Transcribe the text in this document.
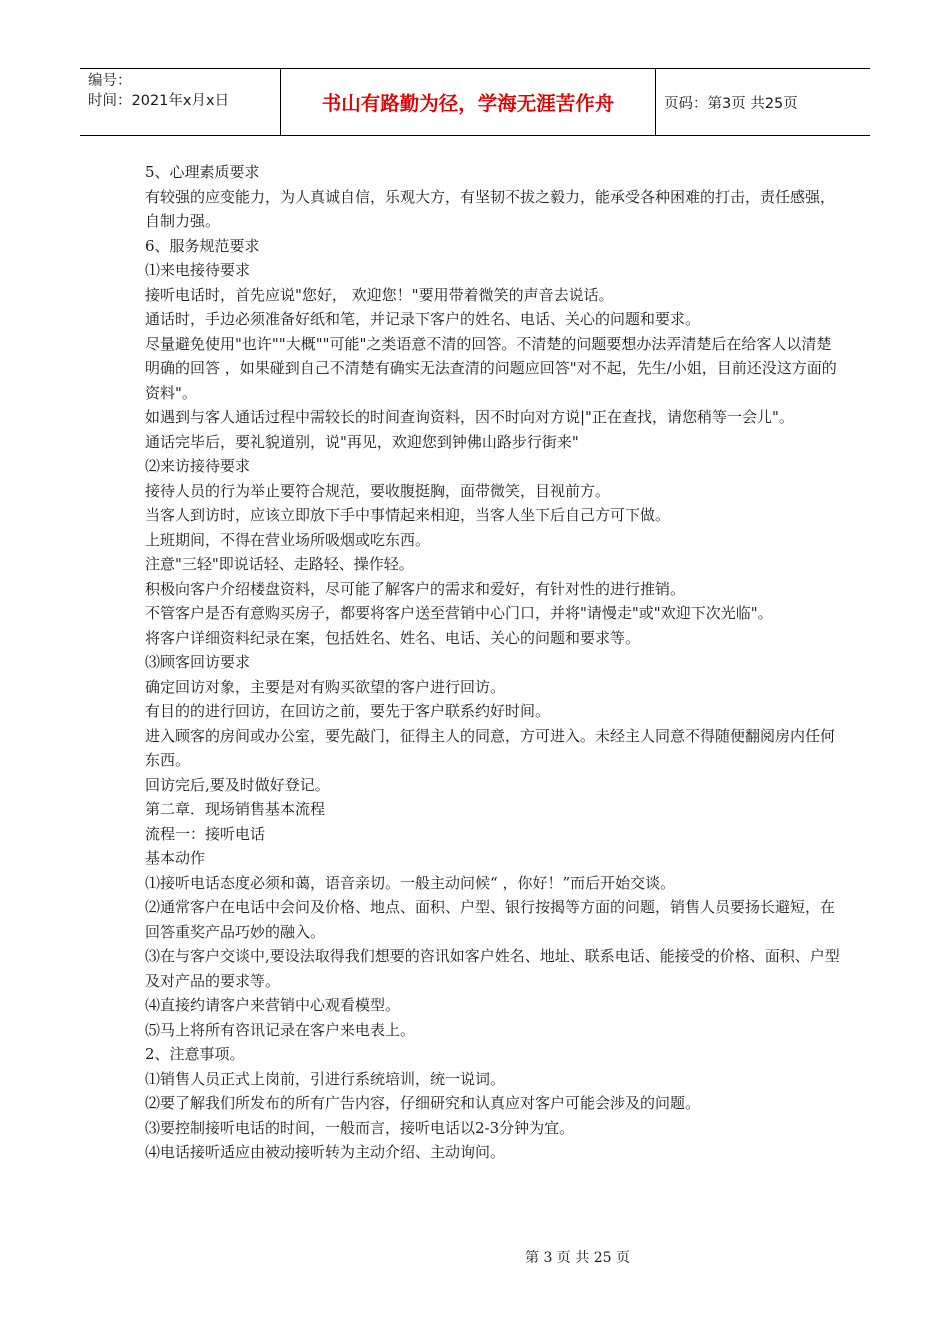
编号：
时间：2021年x月x日	书山有路勤为径，学海无涯苦作舟	页码：第3页 共25页

5、心理素质要求

有较强的应变能力，为人真诚自信，乐观大方，有坚韧不拔之毅力，能承受各种困难的打击，责任感强，自制力强。

6、服务规范要求

⑴来电接待要求

接听电话时，首先应说"您好， 欢迎您！"要用带着微笑的声音去说话。

通话时，手边必须准备好纸和笔，并记录下客户的姓名、电话、关心的问题和要求。

尽量避免使用"也许""大概""可能"之类语意不清的回答。不清楚的问题要想办法弄清楚后在给客人以清楚明确的回答 ，如果碰到自己不清楚有确实无法查清的问题应回答"对不起，先生/小姐，目前还没这方面的资料"。

如遇到与客人通话过程中需较长的时间查询资料，因不时向对方说|"正在查找，请您稍等一会儿"。

通话完毕后，要礼貌道别，说"再见，欢迎您到钟佛山路步行街来"

⑵来访接待要求

接待人员的行为举止要符合规范，要收腹挺胸，面带微笑，目视前方。

当客人到访时，应该立即放下手中事情起来相迎，当客人坐下后自己方可下做。

上班期间，不得在营业场所吸烟或吃东西。

注意"三轻"即说话轻、走路轻、操作轻。

积极向客户介绍楼盘资料，尽可能了解客户的需求和爱好，有针对性的进行推销。

不管客户是否有意购买房子，都要将客户送至营销中心门口，并将"请慢走"或"欢迎下次光临"。

将客户详细资料纪录在案，包括姓名、姓名、电话、关心的问题和要求等。

⑶顾客回访要求

确定回访对象，主要是对有购买欲望的客户进行回访。

有目的的进行回访，在回访之前，要先于客户联系约好时间。

进入顾客的房间或办公室，要先敲门，征得主人的同意，方可进入。未经主人同意不得随便翻阅房内任何东西。

回访完后,要及时做好登记。

第二章．现场销售基本流程

流程一：接听电话

基本动作

⑴接听电话态度必须和蔼，语音亲切。一般主动问候“ ，你好！”而后开始交谈。

⑵通常客户在电话中会问及价格、地点、面积、户型、银行按揭等方面的问题，销售人员要扬长避短，在回答重奖产品巧妙的融入。

⑶在与客户交谈中,要设法取得我们想要的咨讯如客户姓名、地址、联系电话、能接受的价格、面积、户型及对产品的要求等。

⑷直接约请客户来营销中心观看模型。

⑸马上将所有咨讯记录在客户来电表上。

2、注意事项。

⑴销售人员正式上岗前，引进行系统培训，统一说词。

⑵要了解我们所发布的所有广告内容，仔细研究和认真应对客户可能会涉及的问题。

⑶要控制接听电话的时间，一般而言，接听电话以2-3分钟为宜。

⑷电话接听适应由被动接听转为主动介绍、主动询问。

第 3 页 共 25 页
